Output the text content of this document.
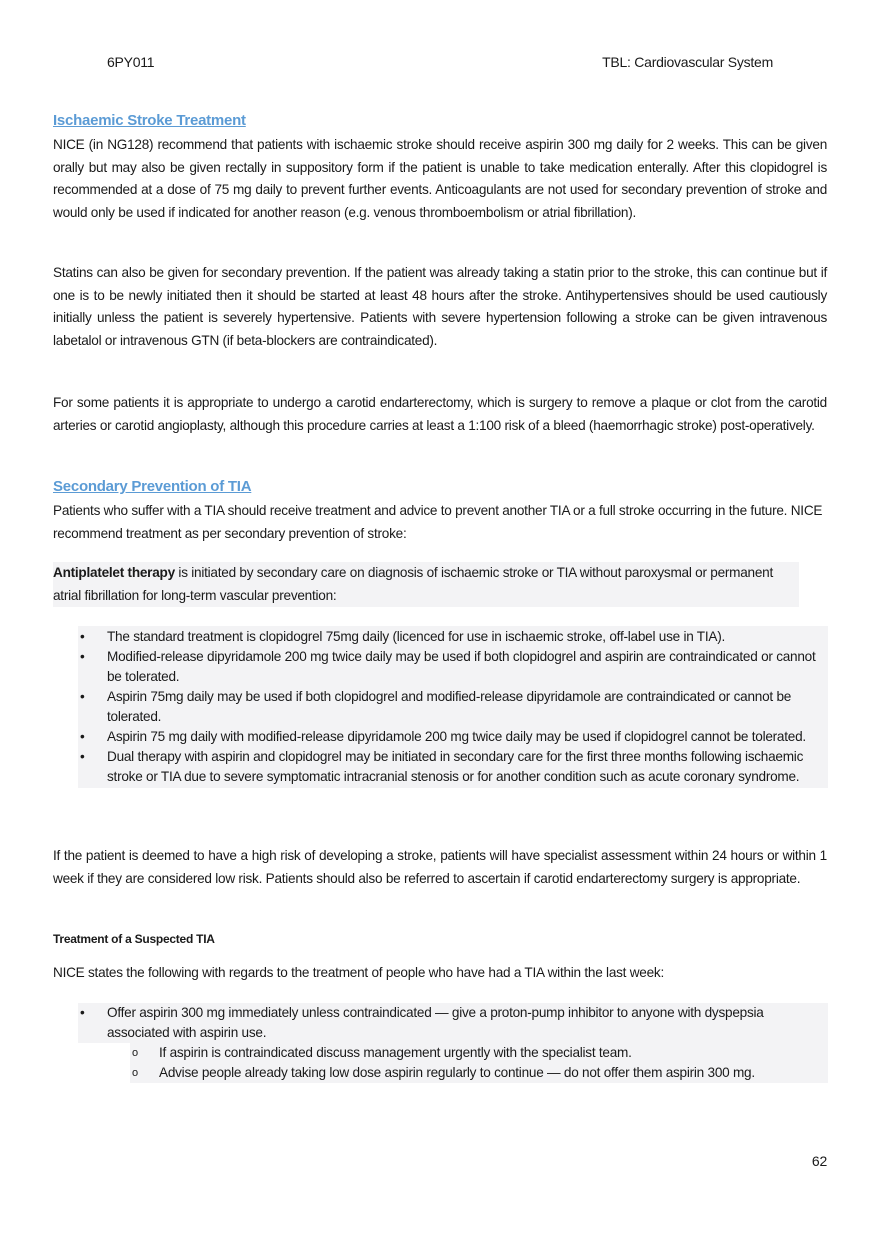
6PY011	TBL: Cardiovascular System
Ischaemic Stroke Treatment
NICE (in NG128) recommend that patients with ischaemic stroke should receive aspirin 300 mg daily for 2 weeks. This can be given orally but may also be given rectally in suppository form if the patient is unable to take medication enterally. After this clopidogrel is recommended at a dose of 75 mg daily to prevent further events. Anticoagulants are not used for secondary prevention of stroke and would only be used if indicated for another reason (e.g. venous thromboembolism or atrial fibrillation).
Statins can also be given for secondary prevention. If the patient was already taking a statin prior to the stroke, this can continue but if one is to be newly initiated then it should be started at least 48 hours after the stroke. Antihypertensives should be used cautiously initially unless the patient is severely hypertensive. Patients with severe hypertension following a stroke can be given intravenous labetalol or intravenous GTN (if beta-blockers are contraindicated).
For some patients it is appropriate to undergo a carotid endarterectomy, which is surgery to remove a plaque or clot from the carotid arteries or carotid angioplasty, although this procedure carries at least a 1:100 risk of a bleed (haemorrhagic stroke) post-operatively.
Secondary Prevention of TIA
Patients who suffer with a TIA should receive treatment and advice to prevent another TIA or a full stroke occurring in the future. NICE recommend treatment as per secondary prevention of stroke:
Antiplatelet therapy is initiated by secondary care on diagnosis of ischaemic stroke or TIA without paroxysmal or permanent atrial fibrillation for long-term vascular prevention:
• The standard treatment is clopidogrel 75mg daily (licenced for use in ischaemic stroke, off-label use in TIA).
• Modified-release dipyridamole 200 mg twice daily may be used if both clopidogrel and aspirin are contraindicated or cannot be tolerated.
• Aspirin 75mg daily may be used if both clopidogrel and modified-release dipyridamole are contraindicated or cannot be tolerated.
• Aspirin 75 mg daily with modified-release dipyridamole 200 mg twice daily may be used if clopidogrel cannot be tolerated.
• Dual therapy with aspirin and clopidogrel may be initiated in secondary care for the first three months following ischaemic stroke or TIA due to severe symptomatic intracranial stenosis or for another condition such as acute coronary syndrome.
If the patient is deemed to have a high risk of developing a stroke, patients will have specialist assessment within 24 hours or within 1 week if they are considered low risk. Patients should also be referred to ascertain if carotid endarterectomy surgery is appropriate.
Treatment of a Suspected TIA
NICE states the following with regards to the treatment of people who have had a TIA within the last week:
• Offer aspirin 300 mg immediately unless contraindicated — give a proton-pump inhibitor to anyone with dyspepsia associated with aspirin use.
o If aspirin is contraindicated discuss management urgently with the specialist team.
o Advise people already taking low dose aspirin regularly to continue — do not offer them aspirin 300 mg.
62
